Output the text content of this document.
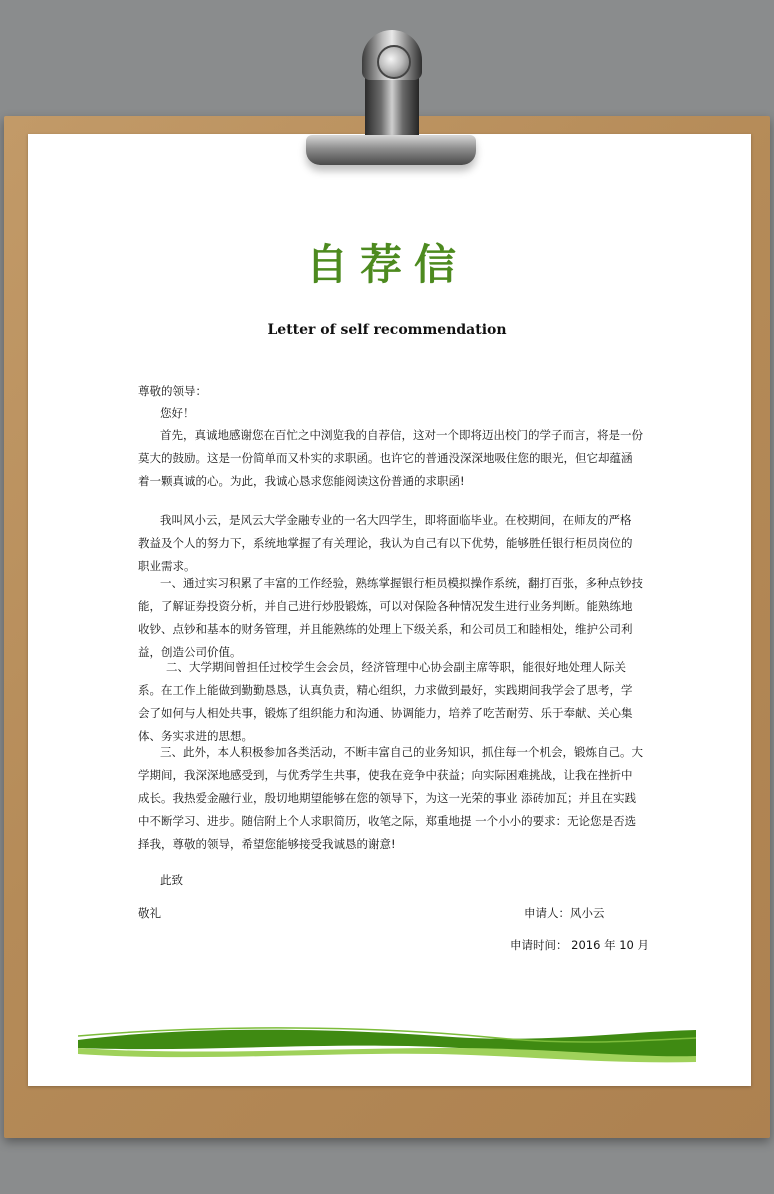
自荐信

Letter of self recommendation

尊敬的领导：

您好！

首先，真诚地感谢您在百忙之中浏览我的自荐信，这对一个即将迈出校门的学子而言，将是一份莫大的鼓励。这是一份简单而又朴实的求职函。也许它的普通没深深地吸住您的眼光，但它却蕴涵着一颗真诚的心。为此，我诚心恳求您能阅读这份普通的求职函!

我叫风小云，是风云大学金融专业的一名大四学生，即将面临毕业。在校期间，在师友的严格 教益及个人的努力下，系统地掌握了有关理论，我认为自己有以下优势，能够胜任银行柜员岗位的职业需求。

一、通过实习积累了丰富的工作经验，熟练掌握银行柜员模拟操作系统，翻打百张，多种点钞技能，了解证券投资分析，并自己进行炒股锻炼，可以对保险各种情况发生进行业务判断。能熟练地收钞、点钞和基本的财务管理，并且能熟练的处理上下级关系，和公司员工和睦相处，维护公司利益，创造公司价值。

二、大学期间曾担任过校学生会会员，经济管理中心协会副主席等职，能很好地处理人际关系。在工作上能做到勤勤恳恳，认真负责，精心组织，力求做到最好，实践期间我学会了思考，学会了如何与人相处共事，锻炼了组织能力和沟通、协调能力，培养了吃苦耐劳、乐于奉献、关心集体、务实求进的思想。

三、此外，本人积极参加各类活动，不断丰富自己的业务知识，抓住每一个机会，锻炼自己。大学期间，我深深地感受到，与优秀学生共事，使我在竞争中获益；向实际困难挑战，让我在挫折中 成长。我热爱金融行业，殷切地期望能够在您的领导下，为这一光荣的事业 添砖加瓦；并且在实践中不断学习、进步。随信附上个人求职简历，收笔之际，郑重地提 一个小小的要求：无论您是否选择我，尊敬的领导，希望您能够接受我诚恳的谢意!

此致

敬礼	申请人：风小云

申请时间： 2016 年 10 月
